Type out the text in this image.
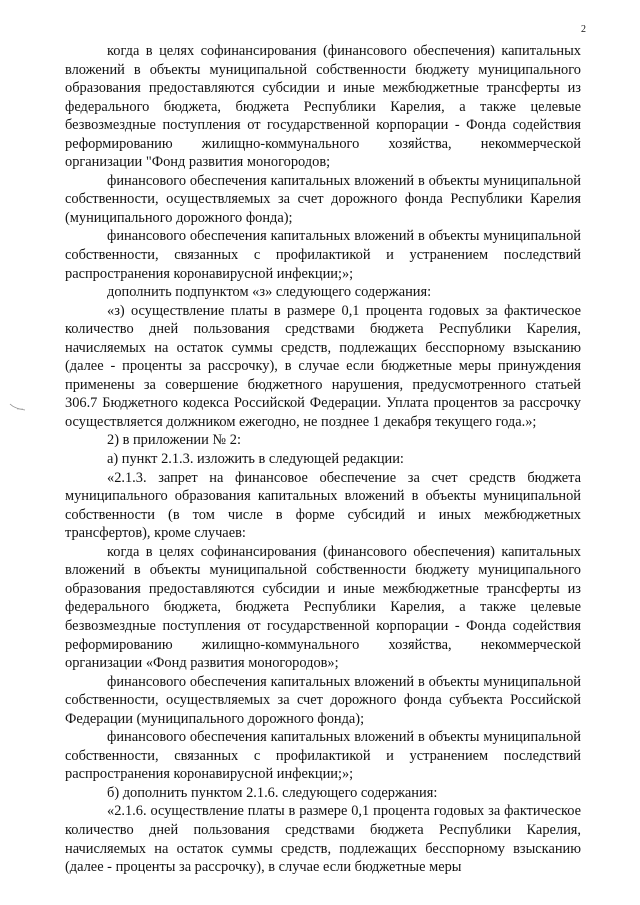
2

когда в целях софинансирования (финансового обеспечения) капитальных вложений в объекты муниципальной собственности бюджету муниципального образования предоставляются субсидии и иные межбюджетные трансферты из федерального бюджета, бюджета Республики Карелия, а также целевые безвозмездные поступления от государственной корпорации - Фонда содействия реформированию жилищно-коммунального хозяйства, некоммерческой организации "Фонд развития моногородов;

финансового обеспечения капитальных вложений в объекты муниципальной собственности, осуществляемых за счет дорожного фонда Республики Карелия (муниципального дорожного фонда);

финансового обеспечения капитальных вложений в объекты муниципальной собственности, связанных с профилактикой и устранением последствий распространения коронавирусной инфекции;»;

дополнить подпунктом «з» следующего содержания:

«з) осуществление платы в размере 0,1 процента годовых за фактическое количество дней пользования средствами бюджета Республики Карелия, начисляемых на остаток суммы средств, подлежащих бесспорному взысканию (далее - проценты за рассрочку), в случае если бюджетные меры принуждения применены за совершение бюджетного нарушения, предусмотренного статьей 306.7 Бюджетного кодекса Российской Федерации. Уплата процентов за рассрочку осуществляется должником ежегодно, не позднее 1 декабря текущего года.»;

2) в приложении № 2:

а) пункт 2.1.3. изложить в следующей редакции:

«2.1.3. запрет на финансовое обеспечение за счет средств бюджета муниципального образования капитальных вложений в объекты муниципальной собственности (в том числе в форме субсидий и иных межбюджетных трансфертов), кроме случаев:

когда в целях софинансирования (финансового обеспечения) капитальных вложений в объекты муниципальной собственности бюджету муниципального образования предоставляются субсидии и иные межбюджетные трансферты из федерального бюджета, бюджета Республики Карелия, а также целевые безвозмездные поступления от государственной корпорации - Фонда содействия реформированию жилищно-коммунального хозяйства, некоммерческой организации «Фонд развития моногородов»;

финансового обеспечения капитальных вложений в объекты муниципальной собственности, осуществляемых за счет дорожного фонда субъекта Российской Федерации (муниципального дорожного фонда);

финансового обеспечения капитальных вложений в объекты муниципальной собственности, связанных с профилактикой и устранением последствий распространения коронавирусной инфекции;»;

б) дополнить пунктом 2.1.6. следующего содержания:

«2.1.6. осуществление платы в размере 0,1 процента годовых за фактическое количество дней пользования средствами бюджета Республики Карелия, начисляемых на остаток суммы средств, подлежащих бесспорному взысканию (далее - проценты за рассрочку), в случае если бюджетные меры
